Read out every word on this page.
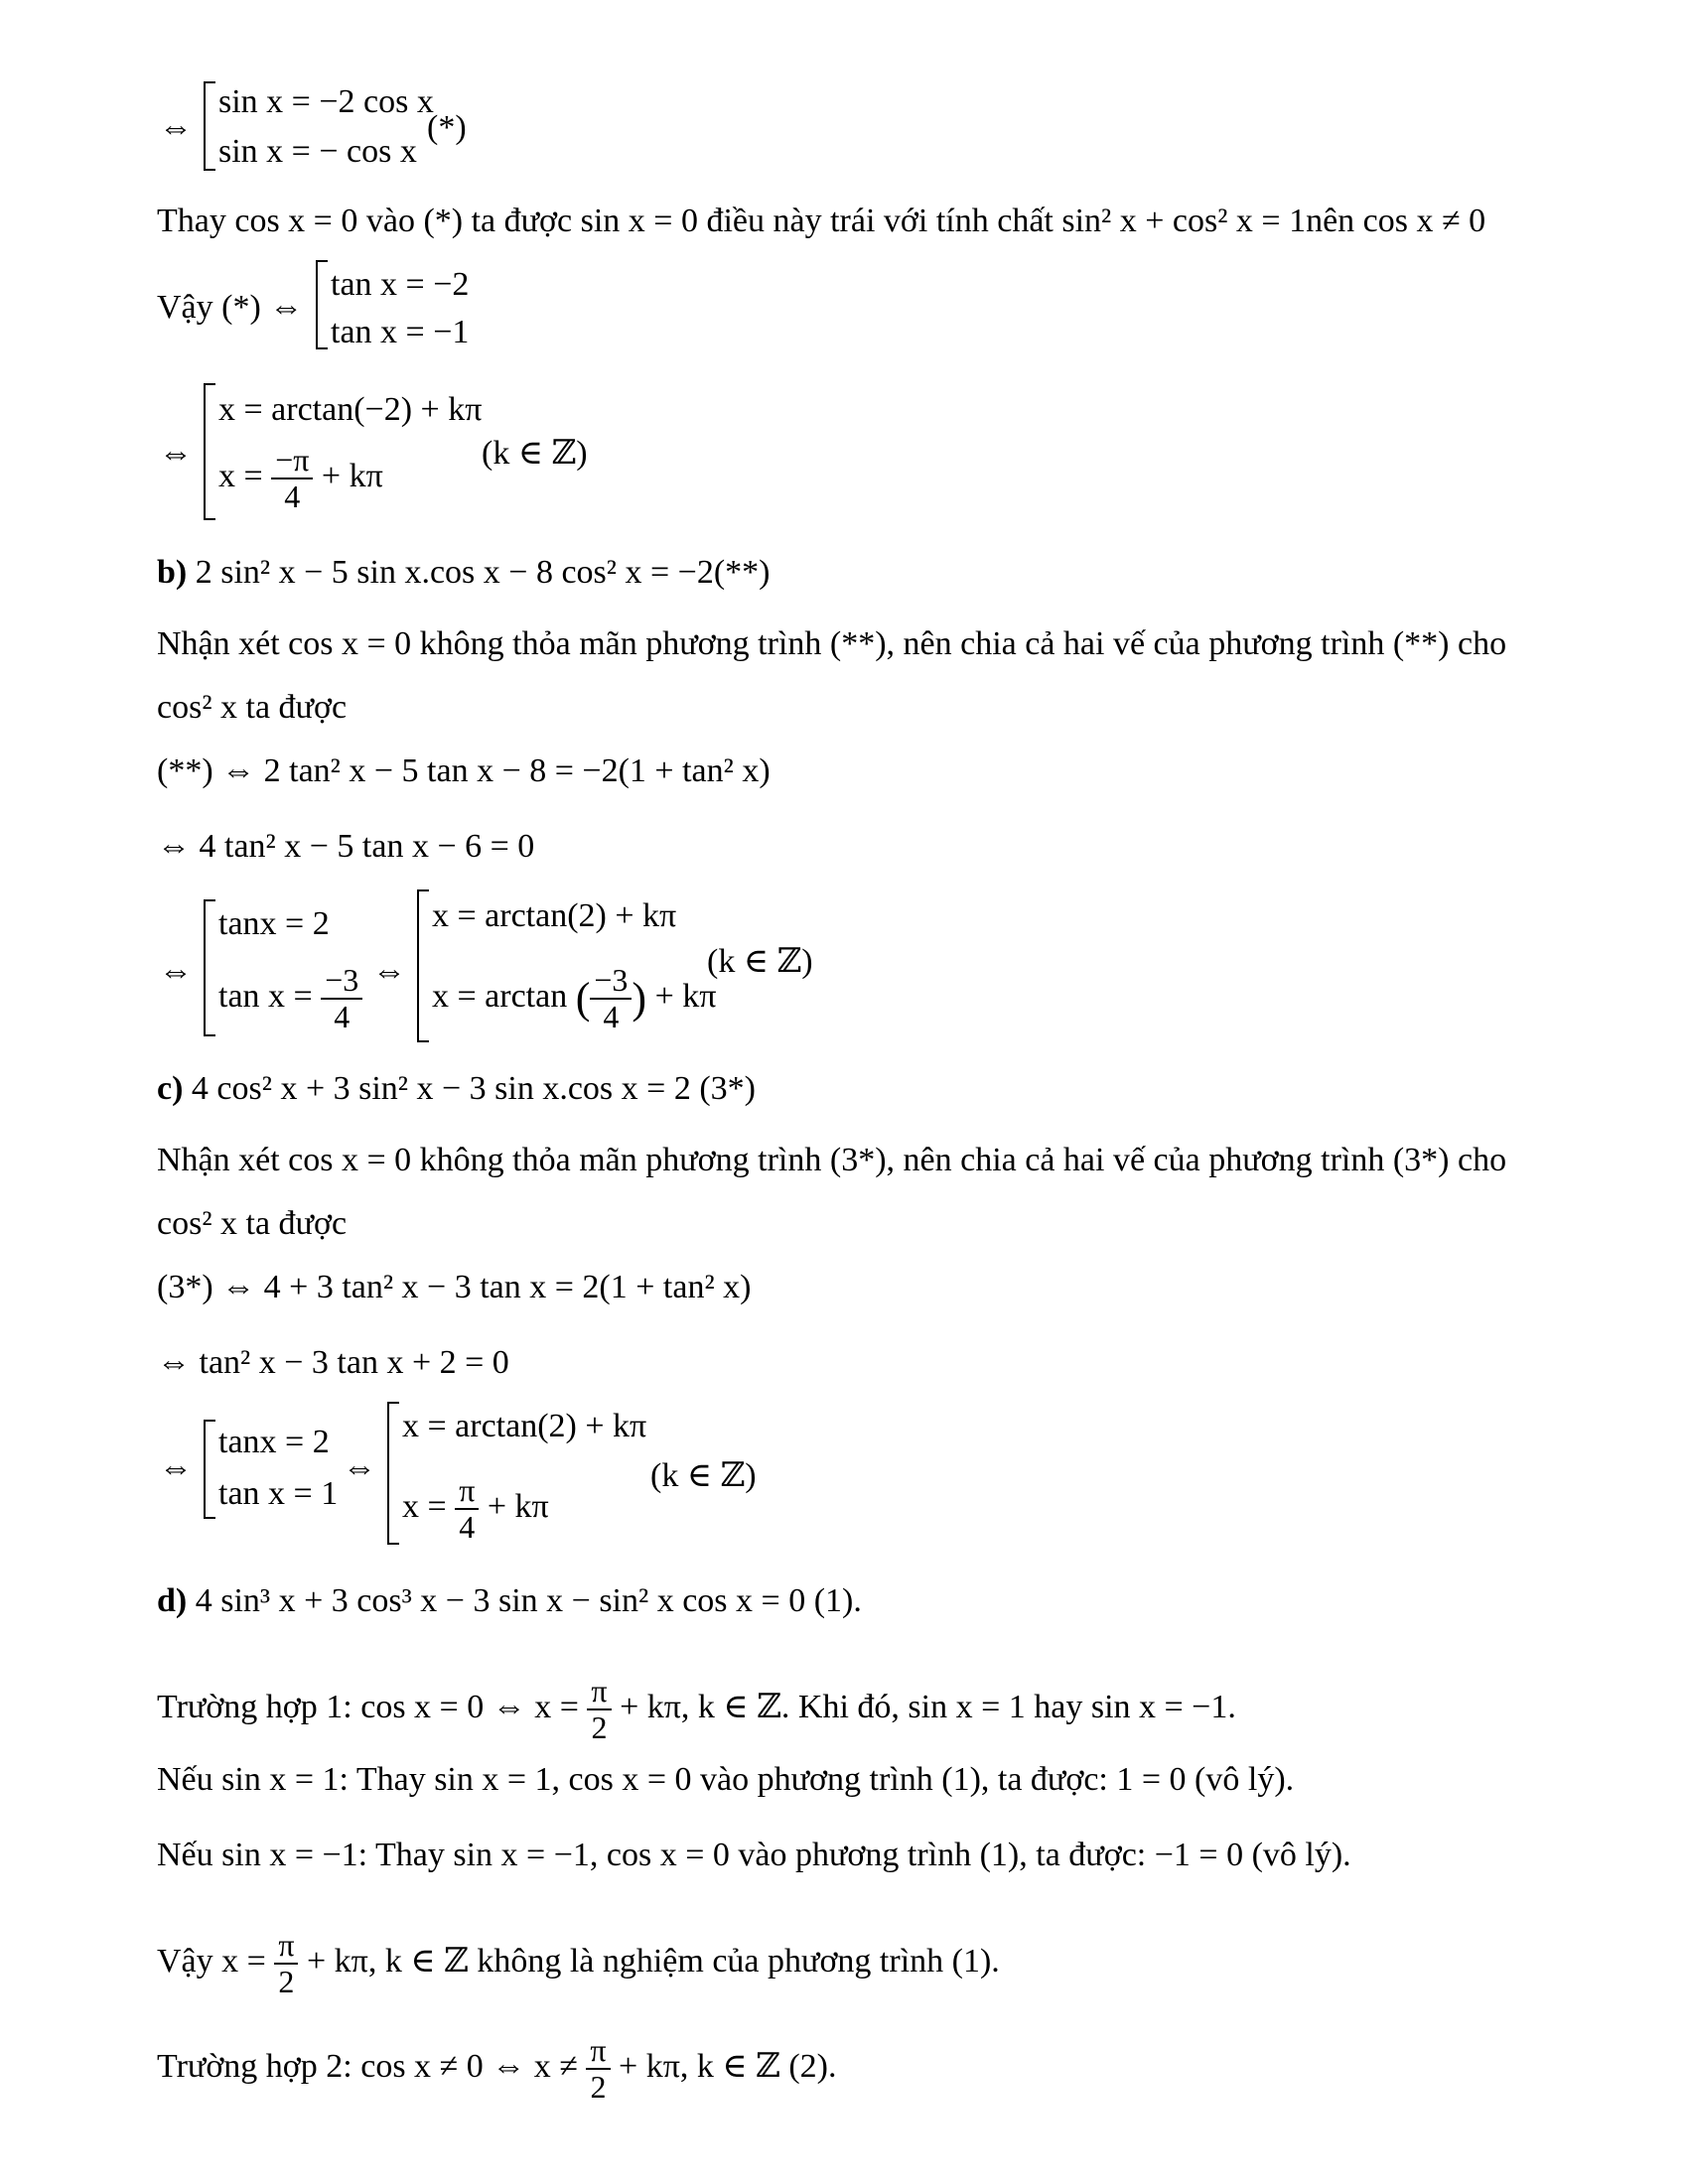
⇔
sin x = −2 cos x
sin x = − cos x
(*)
Thay cos x = 0 vào (*) ta được sin x = 0 điều này trái với tính chất sin² x + cos² x = 1nên cos x ≠ 0
Vậy (*) ⇔
tan x = −2
tan x = −1
⇔
x = arctan(−2) + kπ
$x = \frac{-\pi}{4} + k\pi$
(k ∈ ℤ)
b) 2 sin² x − 5 sin x.cos x − 8 cos² x = −2(**)
Nhận xét cos x = 0 không thỏa mãn phương trình (**), nên chia cả hai vế của phương trình (**) cho
cos² x ta được
(**) ⇔ 2 tan² x − 5 tan x − 8 = −2(1 + tan² x)
⇔ 4 tan² x − 5 tan x − 6 = 0
⇔
tanx = 2
$\tan x = \frac{-3}{4}$ ⇔
x = arctan(2) + kπ
x = arctan ( $\frac{-3}{4}$ ) + kπ
(k ∈ ℤ)
c) 4 cos² x + 3 sin² x − 3 sin x.cos x = 2 (3*)
Nhận xét cos x = 0 không thỏa mãn phương trình (3*), nên chia cả hai vế của phương trình (3*) cho
cos² x ta được
(3*) ⇔ 4 + 3 tan² x − 3 tan x = 2(1 + tan² x)
⇔ tan² x − 3 tan x + 2 = 0
⇔
tanx = 2
tan x = 1
⇔
x = arctan(2) + kπ
$x = \frac{\pi}{4} + k\pi$
(k ∈ ℤ)
d) 4 sin³ x + 3 cos³ x − 3 sin x − sin² x cos x = 0 (1).
Trường hợp 1: cos x = 0 ⇔ $x = \frac{\pi}{2} + k\pi$, k ∈ ℤ. Khi đó, sin x = 1 hay sin x = −1.
Nếu sin x = 1: Thay sin x = 1, cos x = 0 vào phương trình (1), ta được: 1 = 0 (vô lý).
Nếu sin x = −1: Thay sin x = −1, cos x = 0 vào phương trình (1), ta được: −1 = 0 (vô lý).
Vậy $x = \frac{\pi}{2} + k\pi$, k ∈ ℤ không là nghiệm của phương trình (1).
Trường hợp 2: cos x ≠ 0 ⇔ $x \ne \frac{\pi}{2} + k\pi$, k ∈ ℤ (2).
